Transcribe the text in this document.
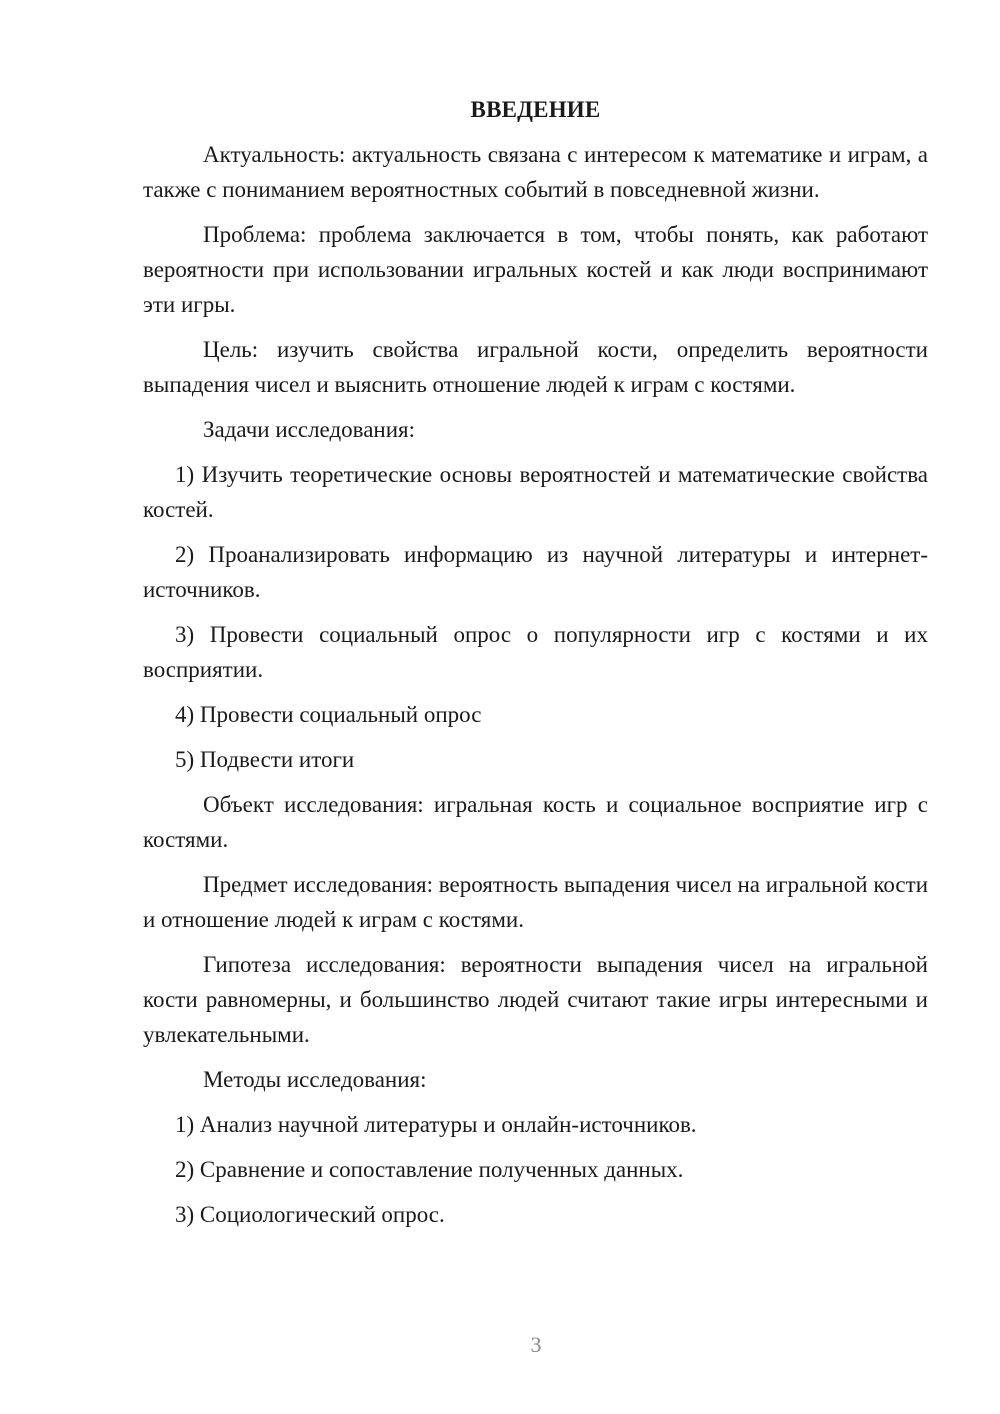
ВВЕДЕНИЕ

Актуальность: актуальность связана с интересом к математике и играм, а также с пониманием вероятностных событий в повседневной жизни.

Проблема: проблема заключается в том, чтобы понять, как работают вероятности при использовании игральных костей и как люди воспринимают эти игры.

Цель: изучить свойства игральной кости, определить вероятности выпадения чисел и выяснить отношение людей к играм с костями.

Задачи исследования:

1) Изучить теоретические основы вероятностей и математические свойства костей.

2) Проанализировать информацию из научной литературы и интернет-источников.

3) Провести социальный опрос о популярности игр с костями и их восприятии.

4) Провести социальный опрос

5) Подвести итоги

Объект исследования: игральная кость и социальное восприятие игр с костями.

Предмет исследования: вероятность выпадения чисел на игральной кости и отношение людей к играм с костями.

Гипотеза исследования: вероятности выпадения чисел на игральной кости равномерны, и большинство людей считают такие игры интересными и увлекательными.

Методы исследования:

1) Анализ научной литературы и онлайн-источников.

2) Сравнение и сопоставление полученных данных.

3) Социологический опрос.

3
